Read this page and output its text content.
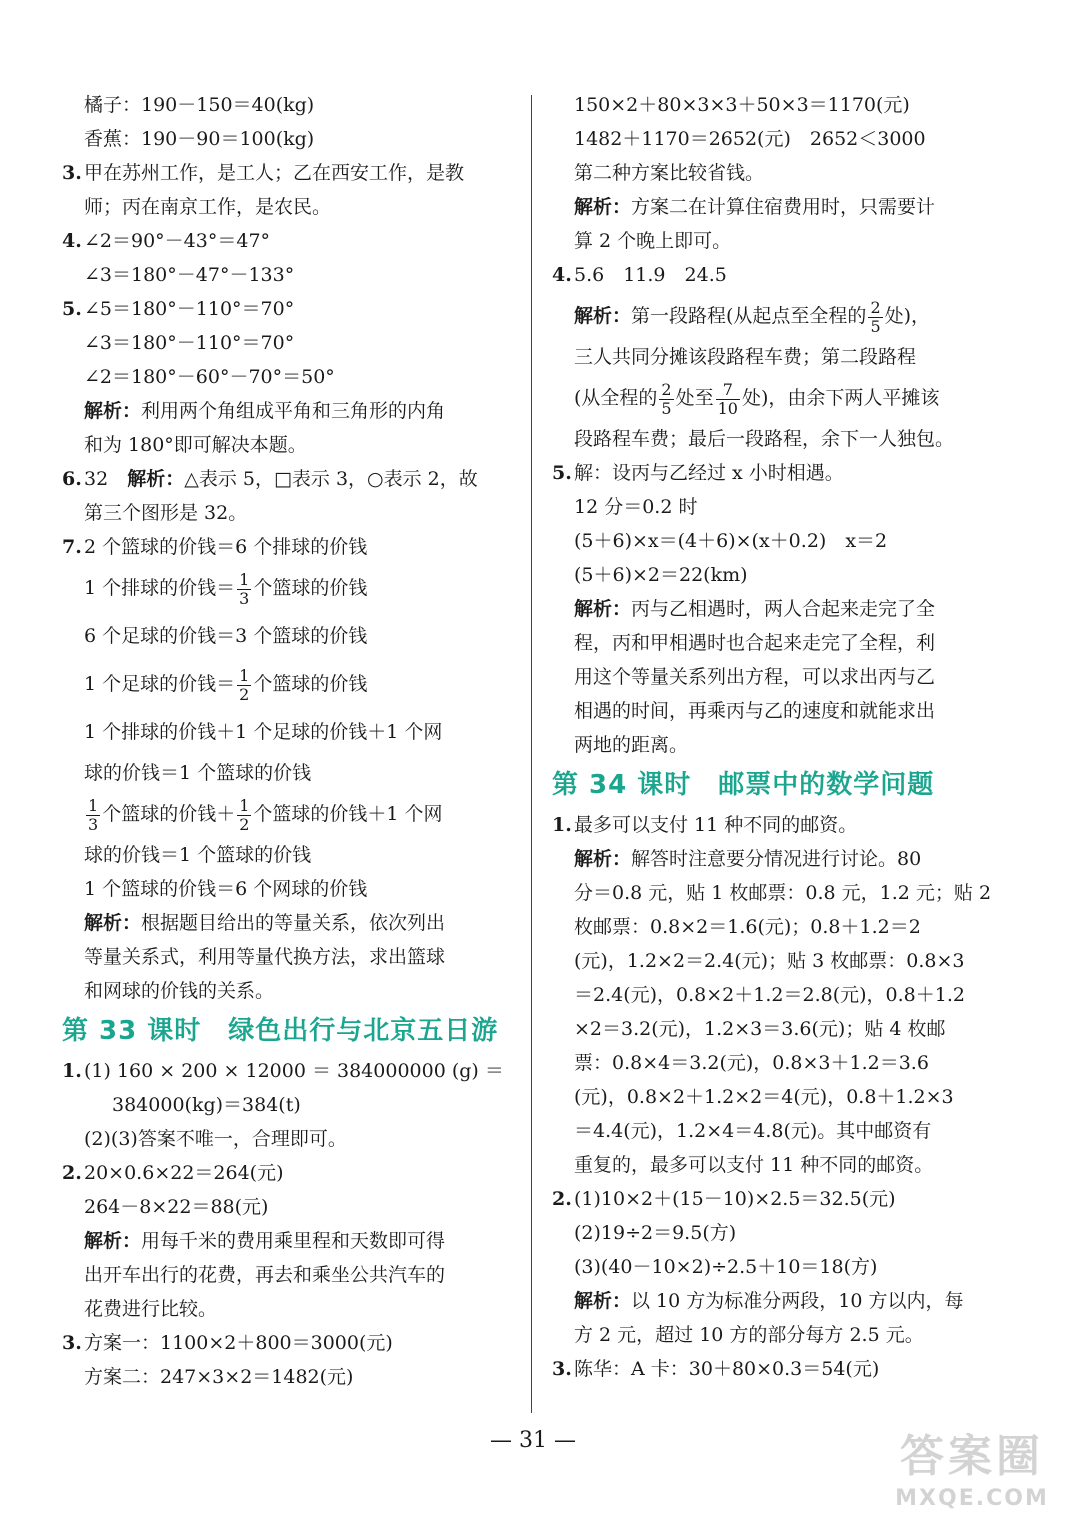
橘子：190－150＝40(kg)
香蕉：190－90＝100(kg)
3. 甲在苏州工作，是工人；乙在西安工作，是教
师；丙在南京工作，是农民。
4. ∠2＝90°－43°＝47°
∠3＝180°－47°－133°
5. ∠5＝180°－110°＝70°
∠3＝180°－110°＝70°
∠2＝180°－60°－70°＝50°
解析：利用两个角组成平角和三角形的内角
和为 180°即可解决本题。
6. 32　 解析：△表示 5，□表示 3，○表示 2，故
第三个图形是 32。
7. 2 个篮球的价钱＝6 个排球的价钱
1 个排球的价钱＝ $\frac{1}{3}$ 个篮球的价钱
6 个足球的价钱＝3 个篮球的价钱
1 个足球的价钱＝ $\frac{1}{2}$ 个篮球的价钱
1 个排球的价钱＋1 个足球的价钱＋1 个网
球的价钱＝1 个篮球的价钱
$\frac{1}{3}$ 个篮球的价钱＋ $\frac{1}{2}$ 个篮球的价钱＋1 个网
球的价钱＝1 个篮球的价钱
1 个篮球的价钱＝6 个网球的价钱
解析：根据题目给出的等量关系，依次列出
等量关系式，利用等量代换方法，求出篮球
和网球的价钱的关系。
第 33 课时　绿色出行与北京五日游
1. (1) 160 × 200 × 12000 ＝ 384000000 (g) ＝
384000(kg)＝384(t)
(2)(3)答案不唯一，合理即可。
2. 20×0.6×22＝264(元)
264－8×22＝88(元)
解析：用每千米的费用乘里程和天数即可得
出开车出行的花费，再去和乘坐公共汽车的
花费进行比较。
3. 方案一：1100×2＋800＝3000(元)
方案二：247×3×2＝1482(元)
150×2＋80×3×3＋50×3＝1170(元)
1482＋1170＝2652(元)　2652＜3000
第二种方案比较省钱。
解析：方案二在计算住宿费用时，只需要计
算 2 个晚上即可。
4. 5.6　11.9　24.5
解析：第一段路程(从起点至全程的 $\frac{2}{5}$ 处)，
三人共同分摊该段路程车费；第二段路程
(从全程的 $\frac{2}{5}$ 处至 $\frac{7}{10}$ 处)，由余下两人平摊该
段路程车费；最后一段路程，余下一人独包。
5. 解：设丙与乙经过 x 小时相遇。
12 分＝0.2 时
(5＋6)×x＝(4＋6)×(x＋0.2)　x＝2
(5＋6)×2＝22(km)
解析：丙与乙相遇时，两人合起来走完了全
程，丙和甲相遇时也合起来走完了全程，利
用这个等量关系列出方程，可以求出丙与乙
相遇的时间，再乘丙与乙的速度和就能求出
两地的距离。
第 34 课时　邮票中的数学问题
1. 最多可以支付 11 种不同的邮资。
解析：解答时注意要分情况进行讨论。80
分＝0.8 元，贴 1 枚邮票：0.8 元，1.2 元；贴 2
枚邮票：0.8×2＝1.6(元)；0.8＋1.2＝2
(元)，1.2×2＝2.4(元)；贴 3 枚邮票：0.8×3
＝2.4(元)，0.8×2＋1.2＝2.8(元)，0.8＋1.2
×2＝3.2(元)，1.2×3＝3.6(元)；贴 4 枚邮
票：0.8×4＝3.2(元)，0.8×3＋1.2＝3.6
(元)，0.8×2＋1.2×2＝4(元)，0.8＋1.2×3
＝4.4(元)，1.2×4＝4.8(元)。其中邮资有
重复的，最多可以支付 11 种不同的邮资。
2. (1)10×2＋(15－10)×2.5＝32.5(元)
(2)19÷2＝9.5(方)
(3)(40－10×2)÷2.5＋10＝18(方)
解析：以 10 方为标准分两段，10 方以内，每
方 2 元，超过 10 方的部分每方 2.5 元。
3. 陈华：A 卡：30＋80×0.3＝54(元)
— 31 —	答案圈
MXQE.COM
